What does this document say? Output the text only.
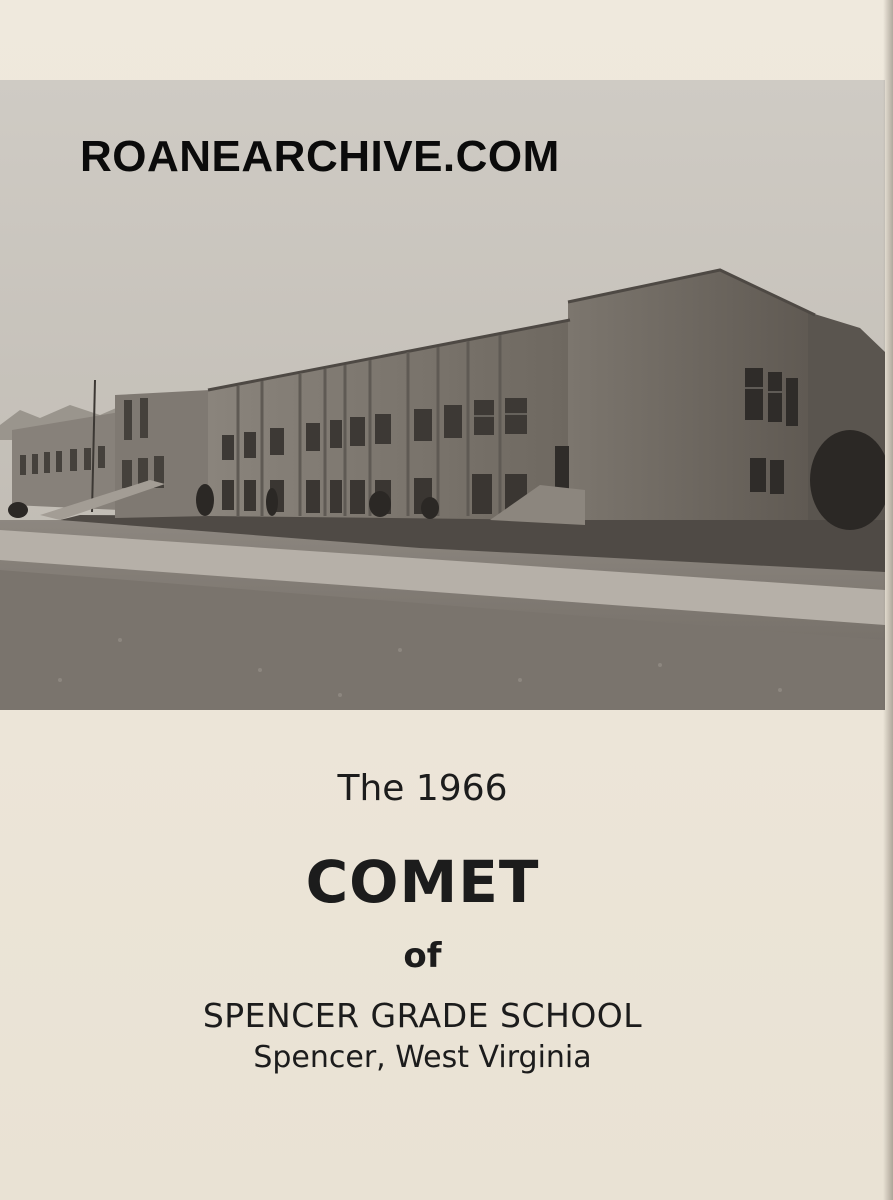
ROANEARCHIVE.COM
The 1966
COMET
of
SPENCER GRADE SCHOOL
Spencer, West Virginia
